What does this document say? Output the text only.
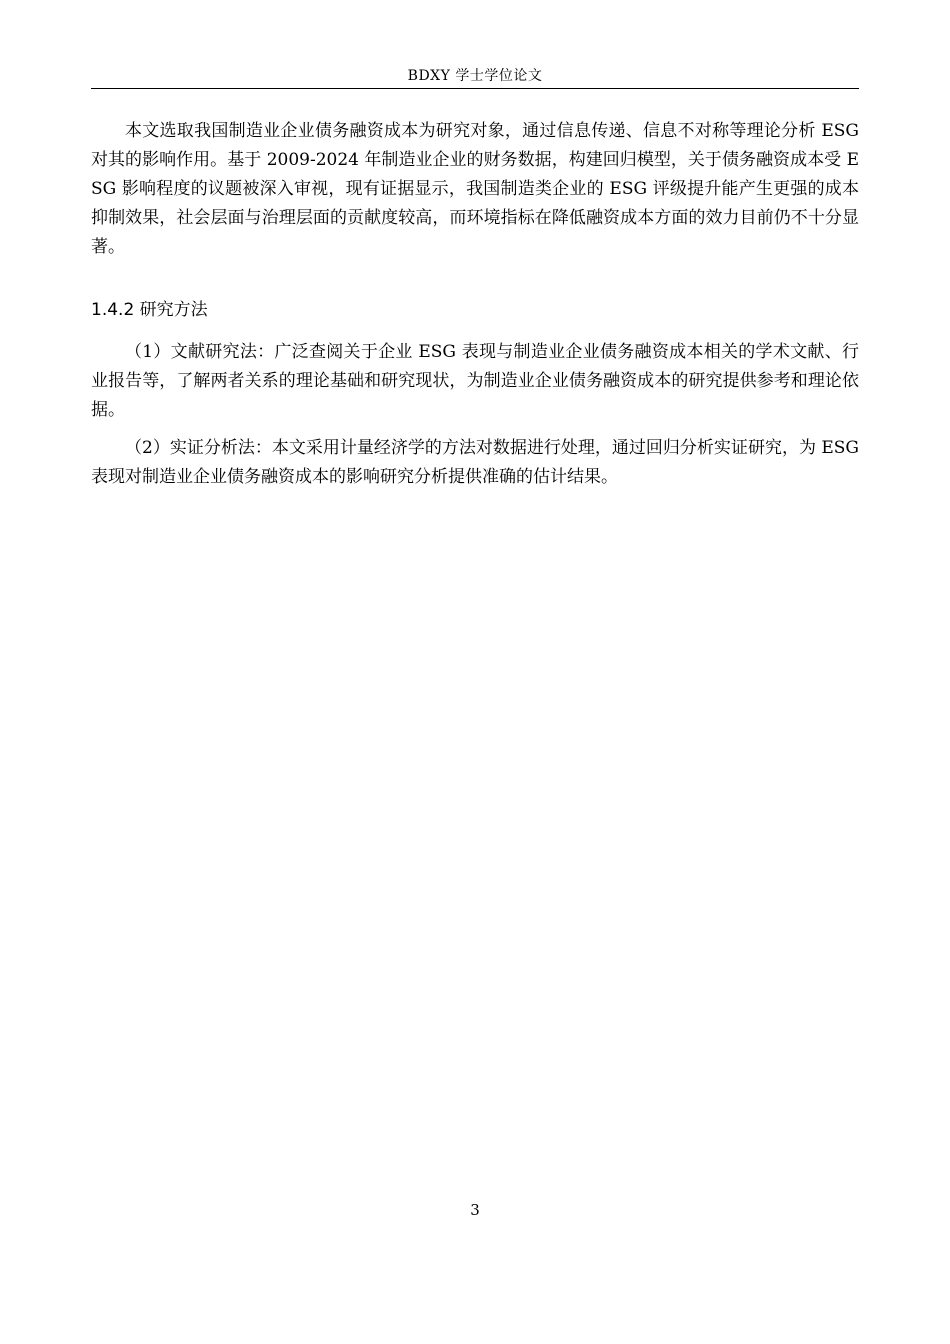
BDXY 学士学位论文

本文选取我国制造业企业债务融资成本为研究对象，通过信息传递、信息不对称等理论分析 ESG 对其的影响作用。基于 2009-2024 年制造业企业的财务数据，构建回归模型，关于债务融资成本受 ESG 影响程度的议题被深入审视，现有证据显示，我国制造类企业的 ESG 评级提升能产生更强的成本抑制效果，社会层面与治理层面的贡献度较高，而环境指标在降低融资成本方面的效力目前仍不十分显著。

1.4.2 研究方法

（1）文献研究法：广泛查阅关于企业 ESG 表现与制造业企业债务融资成本相关的学术文献、行业报告等，了解两者关系的理论基础和研究现状，为制造业企业债务融资成本的研究提供参考和理论依据。

（2）实证分析法：本文采用计量经济学的方法对数据进行处理，通过回归分析实证研究，为 ESG 表现对制造业企业债务融资成本的影响研究分析提供准确的估计结果。

3
